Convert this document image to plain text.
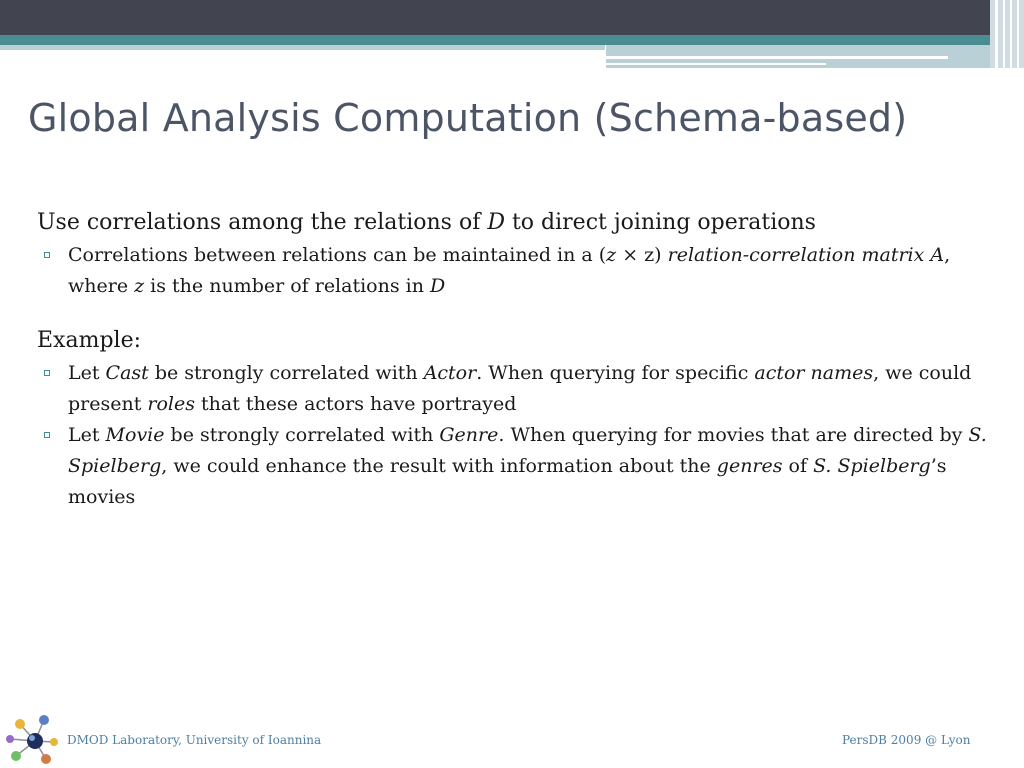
Global Analysis Computation (Schema-based)

Use correlations among the relations of D to direct joining operations

Correlations between relations can be maintained in a (z × z) relation-correlation matrix A, where z is the number of relations in D

Example:

Let Cast be strongly correlated with Actor. When querying for specific actor names, we could present roles that these actors have portrayed
Let Movie be strongly correlated with Genre. When querying for movies that are directed by S. Spielberg, we could enhance the result with information about the genres of S. Spielberg’s movies
DMOD Laboratory, University of Ioannina	PersDB 2009 @ Lyon
